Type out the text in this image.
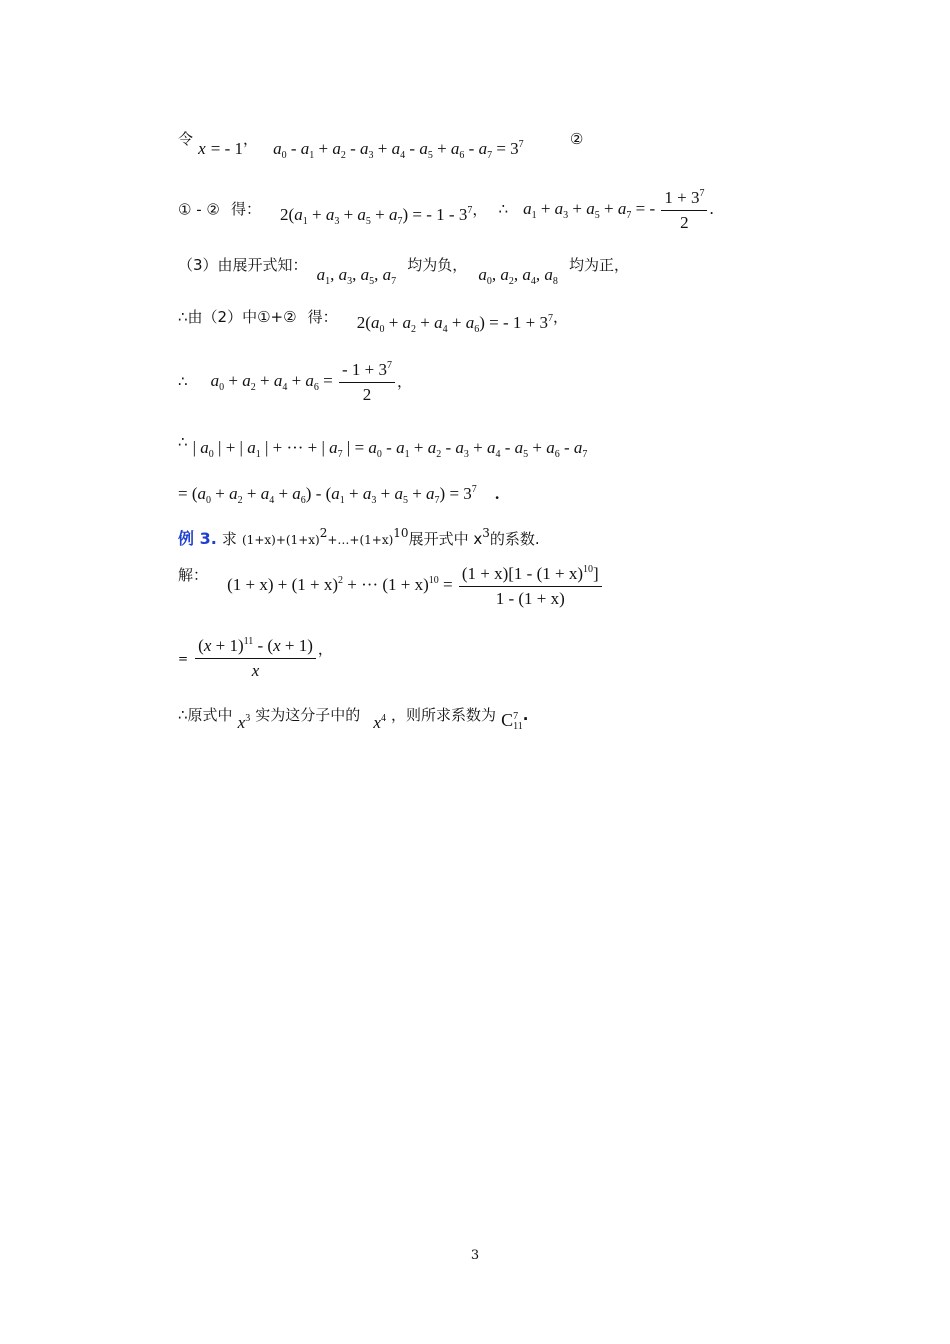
令 x = - 1， $a_0 - a_1 + a_2 - a_3 + a_4 - a_5 + a_6 - a_7 = 3^7$	②
① - ② 得： $2(a_1 + a_3 + a_5 + a_7)$ = - $1 - 3^7$， ∴ $a_1 + a_3 + a_5 + a_7$ = - $\frac{1 + 3^7}{2}$ .
（3）由展开式知： $a_1$, $a_3$, $a_5$, $a_7$ 均为负， $a_0$, $a_2$, $a_4$, $a_8$ 均为正，
∴由（2）中①+② 得： $2(a_0 + a_2 + a_4 + a_6)$ = - $1 + 3^7$，
∴ $a_0 + a_2 + a_4 + a_6 = \frac{- 1 + 3^7}{2}$ ，
∴ | $a_0$ | + | $a_1$ | + ··· + | $a_7$ | = $a_0 - a_1 + a_2 - a_3 + a_4 - a_5 + a_6 - a_7$
= $(a_0 + a_2 + a_4 + a_6) - (a_1 + a_3 + a_5 + a_7) = 3^7$ .
例 3. 求 $(1+x)+(1+x)^2+\dots+(1+x)^{10}$展开式中 $x^3$的系数.
解： $(1 + x) + (1 + x)^2$ + ··· $(1 + x)^{10} = \frac{(1 + x)[1 - (1 + x)^{10}]}{1 - (1 + x)}$
= $\frac{(x + 1)^{11} - (x + 1)}{x}$ ，
∴原式中 $x^3$ 实为这分子中的 $x^4$ ，则所求系数为 C 7
11
.
3
